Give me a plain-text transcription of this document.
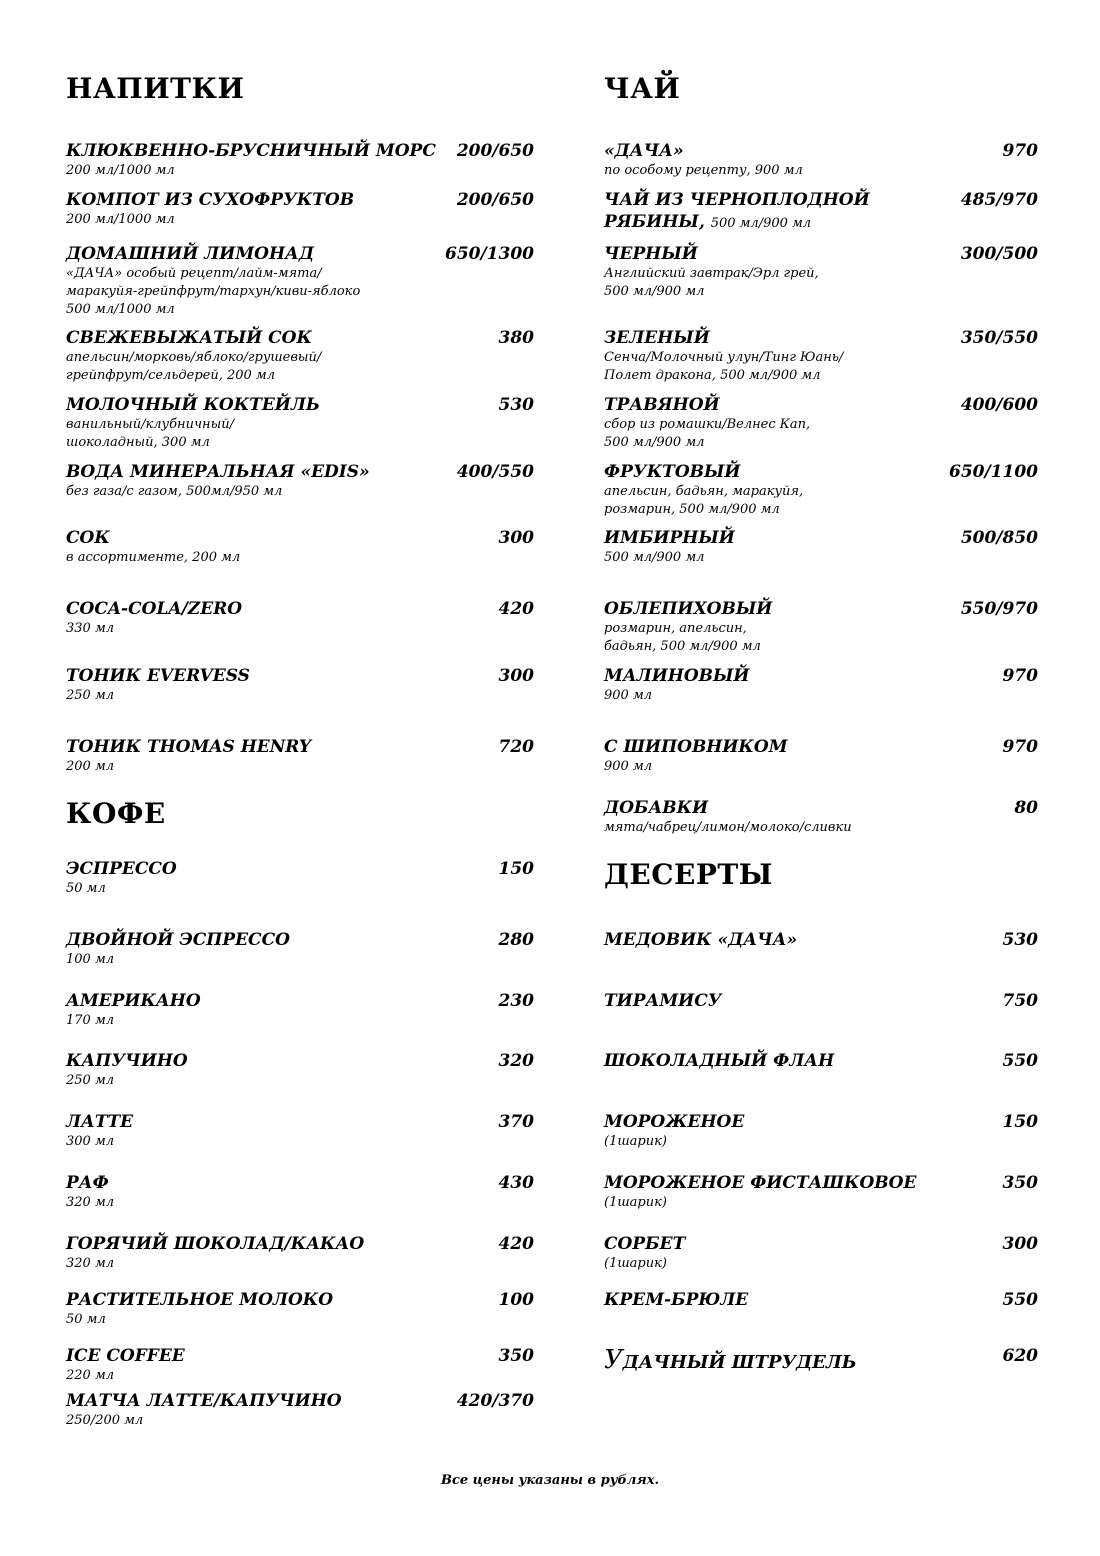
НАПИТКИ
КЛЮКВЕННО-БРУСНИЧНЫЙ МОРС	200/650
200 мл/1000 мл
КОМПОТ ИЗ СУХОФРУКТОВ	200/650
200 мл/1000 мл
ДОМАШНИЙ ЛИМОНАД	650/1300
«ДАЧА» особый рецепт/лайм-мята/
маракуйя-грейпфрут/тархун/киви-яблоко
500 мл/1000 мл
СВЕЖЕВЫЖАТЫЙ СОК	380
апельсин/морковь/яблоко/грушевый/
грейпфрут/сельдерей, 200 мл
МОЛОЧНЫЙ КОКТЕЙЛЬ	530
ванильный/клубничный/
шоколадный, 300 мл
ВОДА МИНЕРАЛЬНАЯ «EDIS»	400/550
без газа/с газом, 500мл/950 мл
СОК	300
в ассортименте, 200 мл
COCA-COLA/ZERO	420
330 мл
ТОНИК EVERVESS	300
250 мл
ТОНИК THOMAS HENRY	720
200 мл
КОФЕ
ЭСПРЕССО	150
50 мл
ДВОЙНОЙ ЭСПРЕССО	280
100 мл
АМЕРИКАНО	230
170 мл
КАПУЧИНО	320
250 мл
ЛАТТЕ	370
300 мл
РАФ	430
320 мл
ГОРЯЧИЙ ШОКОЛАД/КАКАО	420
320 мл
РАСТИТЕЛЬНОЕ МОЛОКО	100
50 мл
ICE COFFEE	350
220 мл
МАТЧА ЛАТТЕ/КАПУЧИНО	420/370
250/200 мл
ЧАЙ
«ДАЧА»	970
по особому рецепту, 900 мл
ЧАЙ ИЗ ЧЕРНОПЛОДНОЙ РЯБИНЫ, 500 мл/900 мл
485/970
ЧЕРНЫЙ	300/500
Английский завтрак/Эрл грей,
500 мл/900 мл
ЗЕЛЕНЫЙ	350/550
Сенча/Молочный улун/Тинг Юань/
Полет дракона, 500 мл/900 мл
ТРАВЯНОЙ	400/600
сбор из ромашки/Велнес Кап,
500 мл/900 мл
ФРУКТОВЫЙ	650/1100
апельсин, бадьян, маракуйя,
розмарин, 500 мл/900 мл
ИМБИРНЫЙ	500/850
500 мл/900 мл
ОБЛЕПИХОВЫЙ	550/970
розмарин, апельсин,
бадьян, 500 мл/900 мл
МАЛИНОВЫЙ	970
900 мл
С ШИПОВНИКОМ	970
900 мл
ДОБАВКИ	80
мята/чабрец/лимон/молоко/сливки
ДЕСЕРТЫ
МЕДОВИК «ДАЧА»	530
ТИРАМИСУ	750
ШОКОЛАДНЫЙ ФЛАН	550
МОРОЖЕНОЕ	150
(1шарик)
МОРОЖЕНОЕ ФИСТАШКОВОЕ	350
(1шарик)
СОРБЕТ	300
(1шарик)
КРЕМ-БРЮЛЕ	550
УДАЧНЫЙ ШТРУДЕЛЬ	620
Все цены указаны в рублях.
